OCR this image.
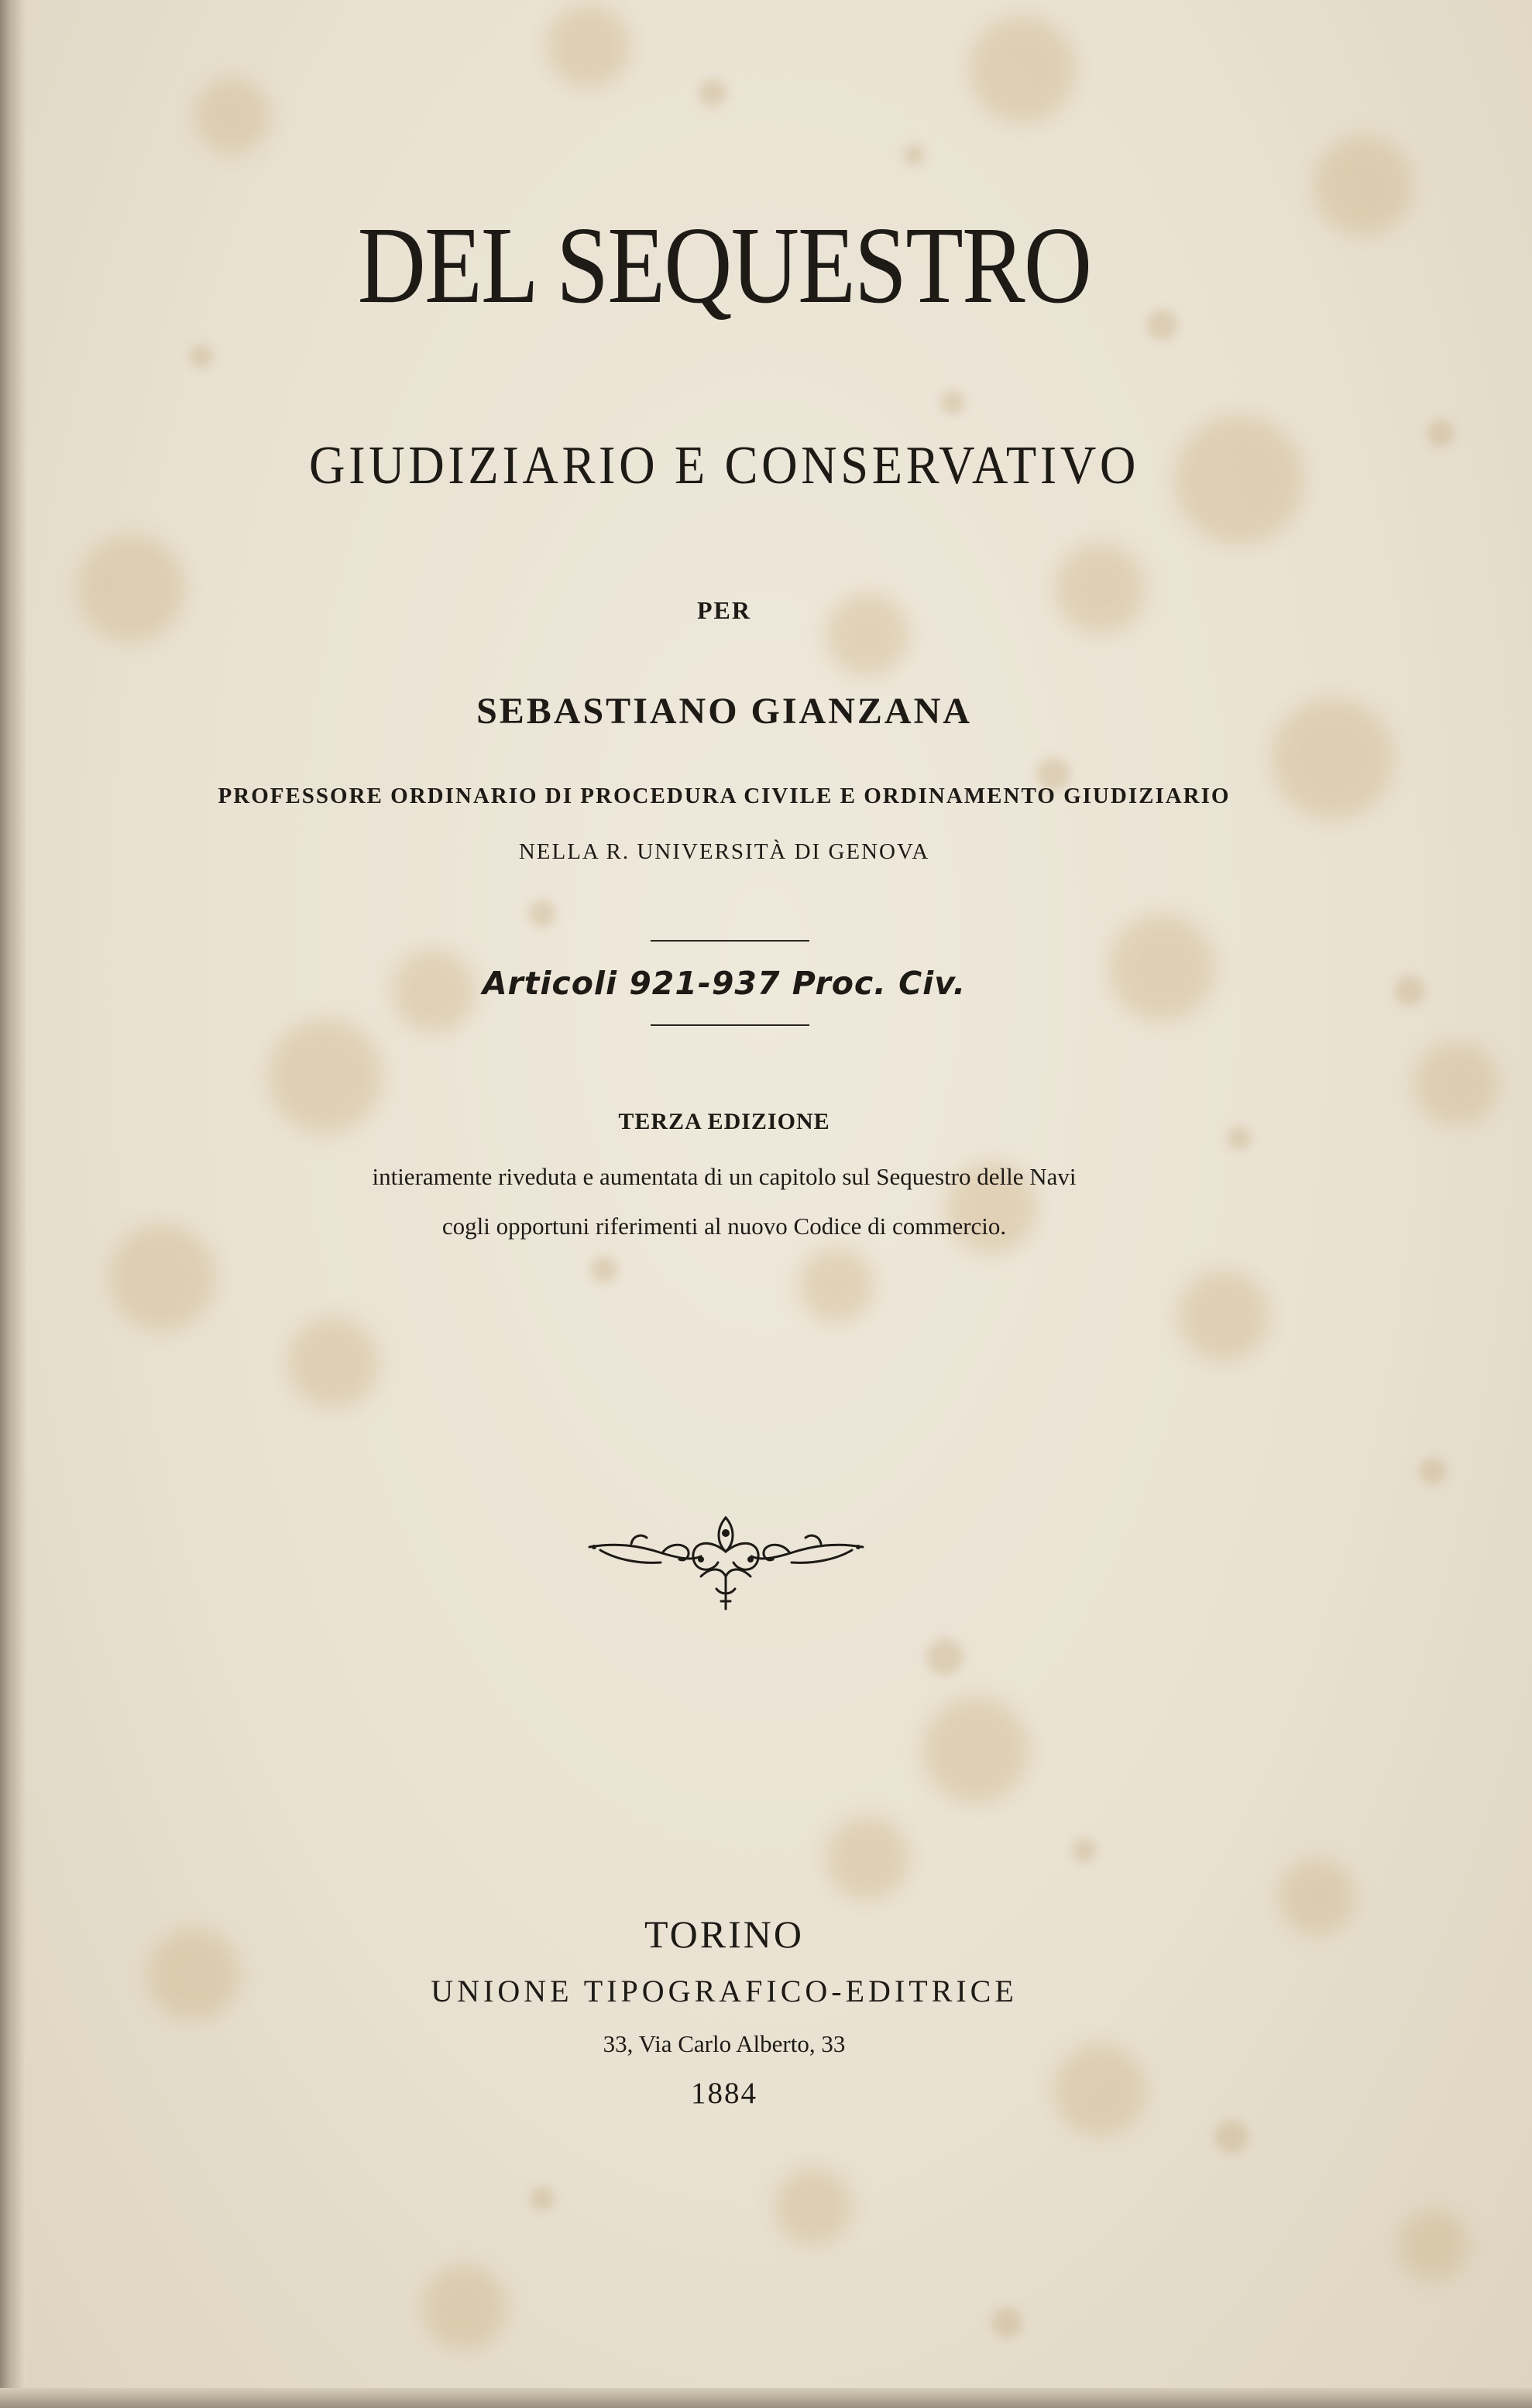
DEL SEQUESTRO
GIUDIZIARIO E CONSERVATIVO
PER
SEBASTIANO GIANZANA
PROFESSORE ORDINARIO DI PROCEDURA CIVILE E ORDINAMENTO GIUDIZIARIO
NELLA R. UNIVERSITÀ DI GENOVA
Articoli 921-937 Proc. Civ.
TERZA EDIZIONE
intieramente riveduta e aumentata di un capitolo sul Sequestro delle Navi
cogli opportuni riferimenti al nuovo Codice di commercio.
TORINO
UNIONE TIPOGRAFICO-EDITRICE
33, Via Carlo Alberto, 33
1884
